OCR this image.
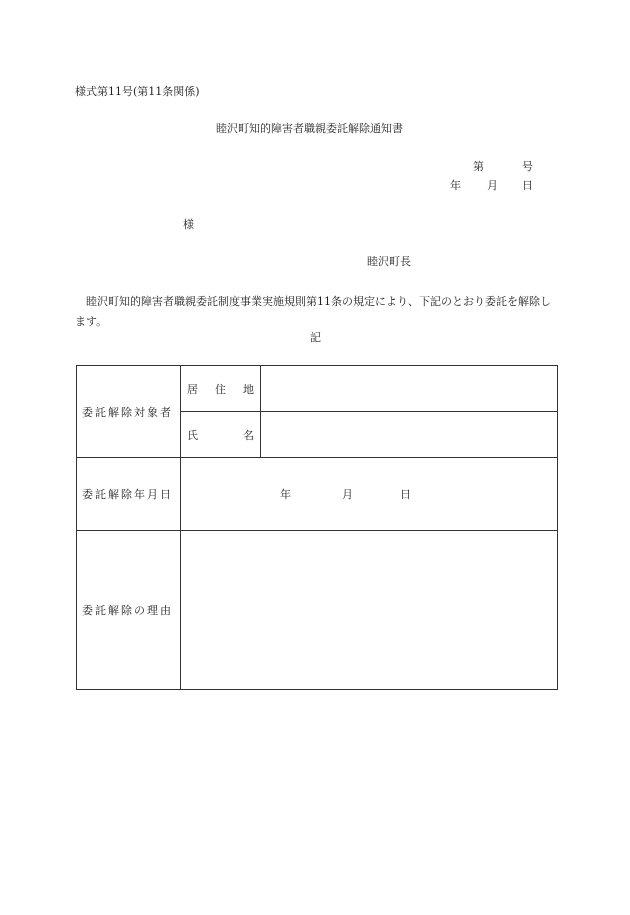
様式第11号(第11条関係)
睦沢町知的障害者職親委託解除通知書
第	号
年 月 日
様
睦沢町長
睦沢町知的障害者職親委託制度事業実施規則第11条の規定により、下記のとおり委託を解除します。
記
委託解除対象者	居 住 地	

	氏 名	

委託解除年月日	年 月 日	

委託解除の理由		
